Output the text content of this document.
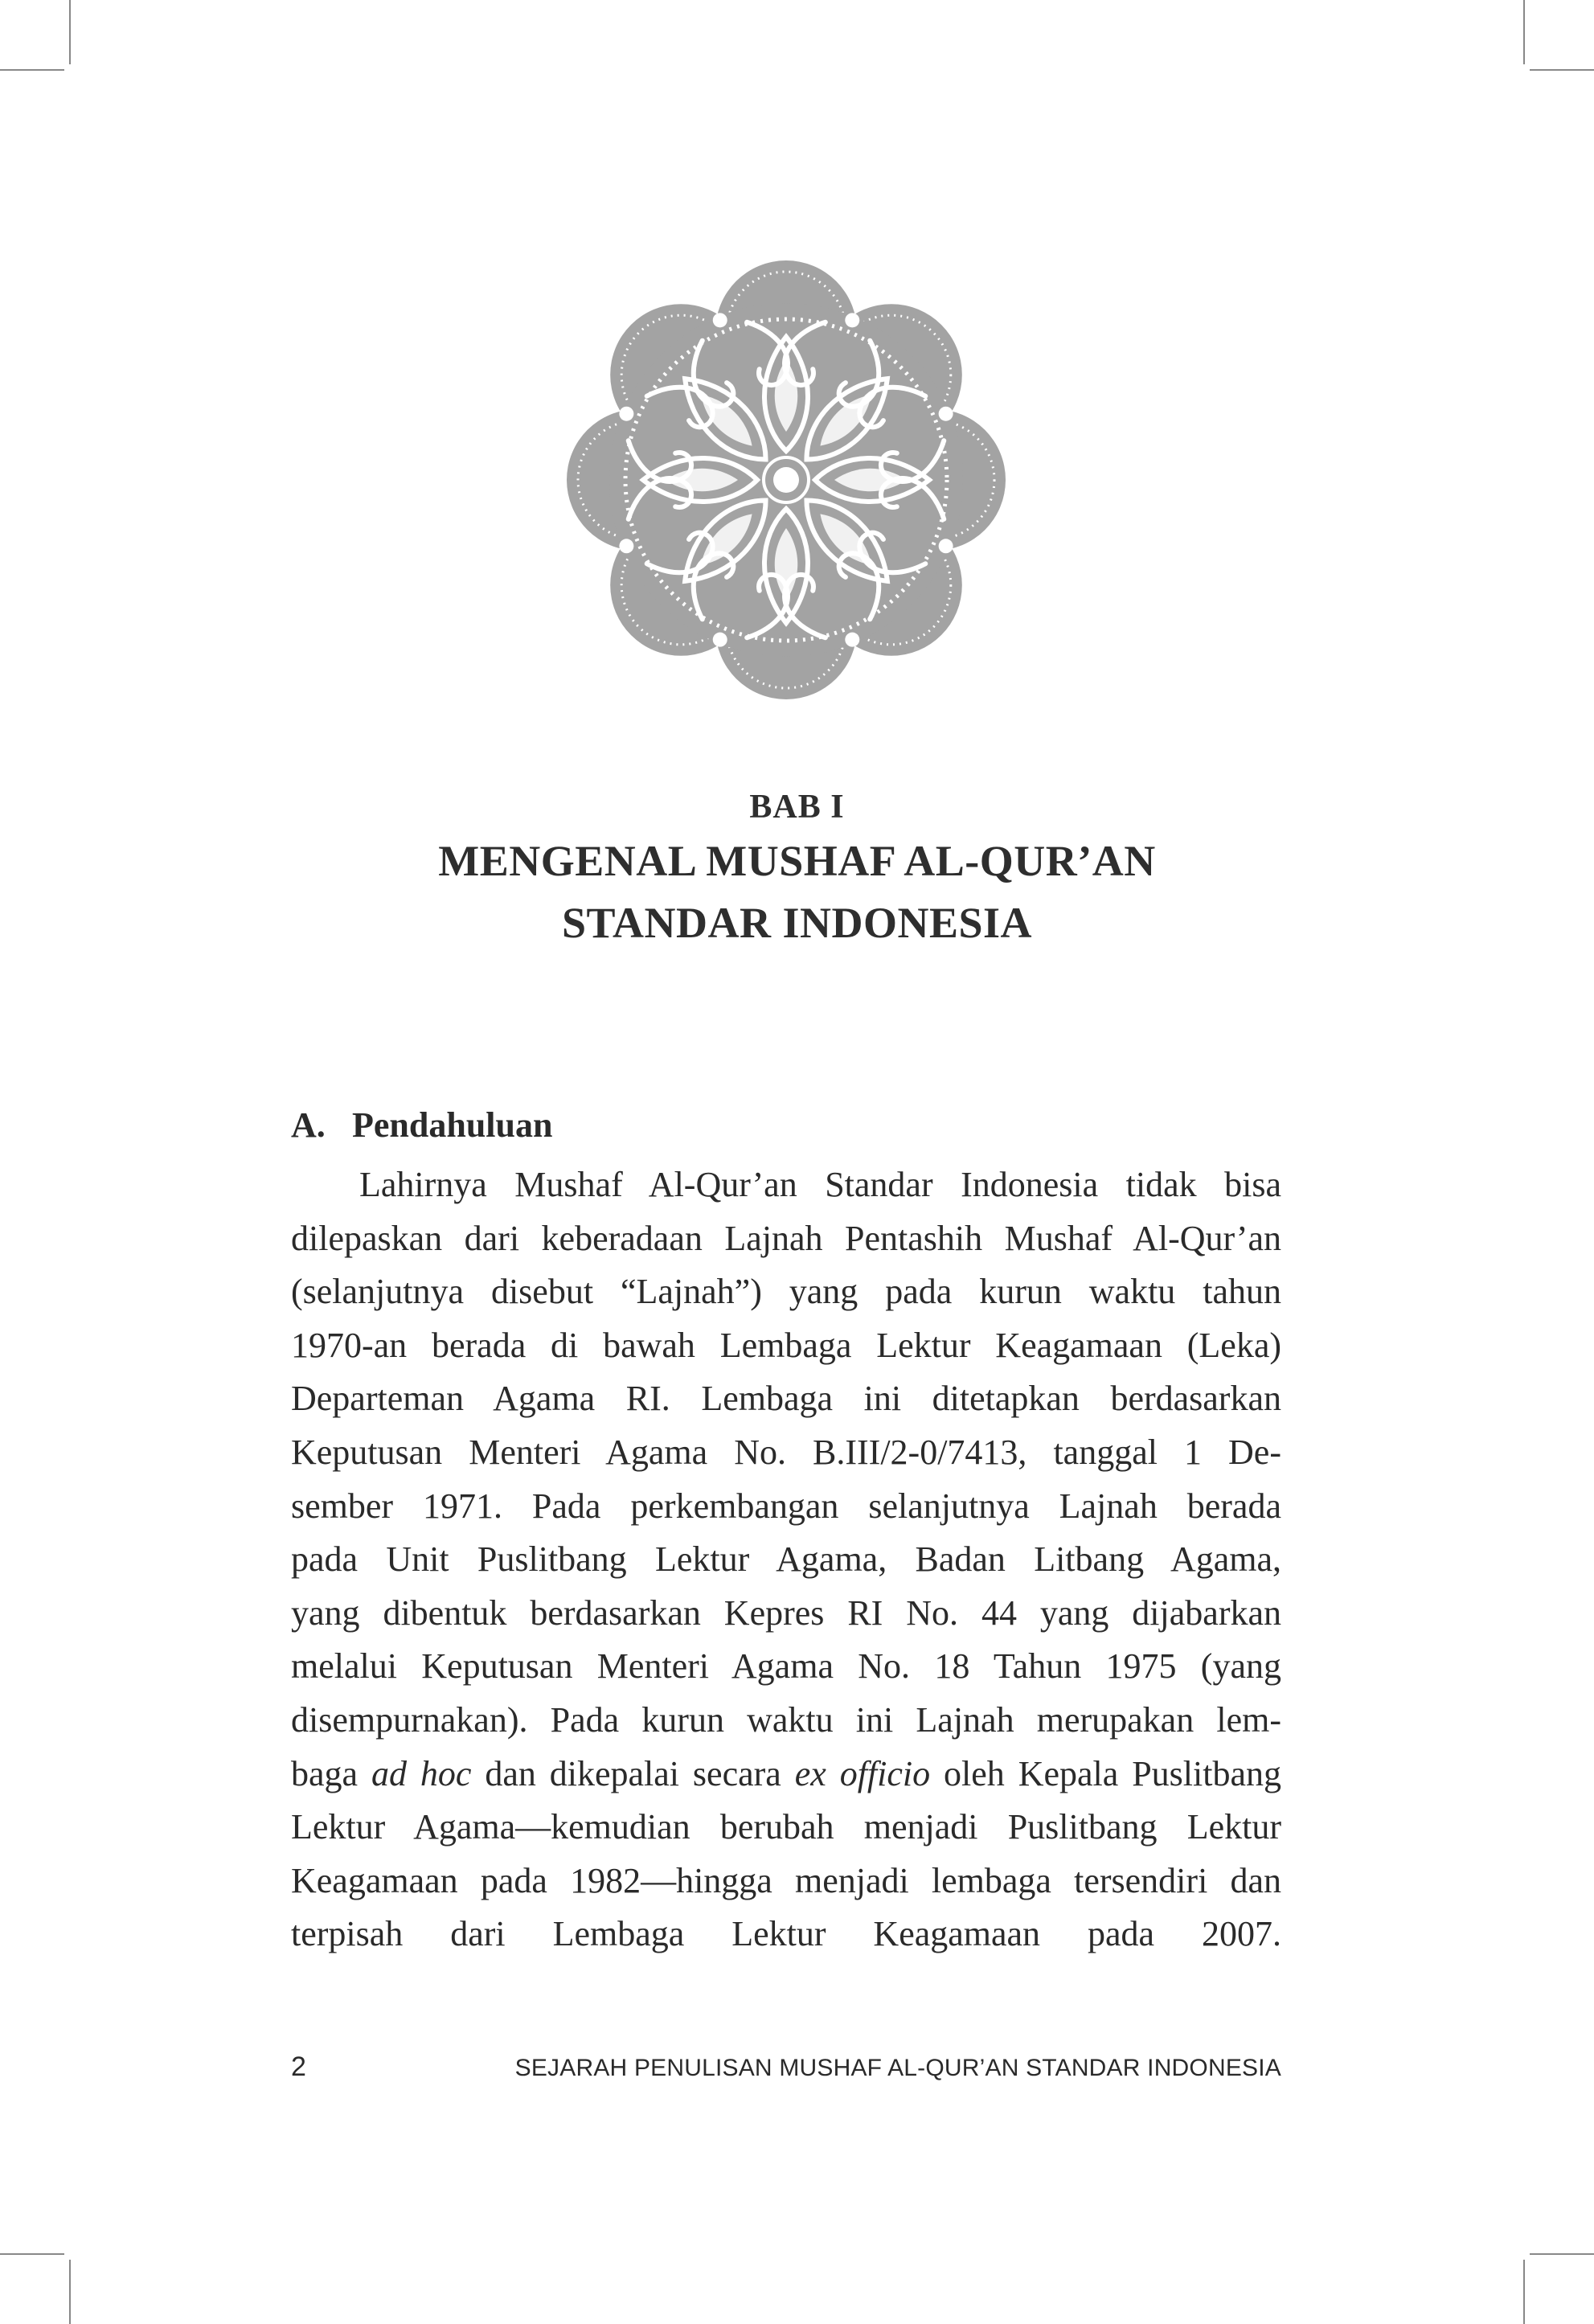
BAB I
MENGENAL MUSHAF AL-QUR’AN
STANDAR INDONESIA
A. Pendahuluan
Lahirnya Mushaf Al-Qur’an Standar Indonesia tidak bisa
dilepaskan dari keberadaan Lajnah Pentashih Mushaf Al-Qur’an
(selanjutnya disebut “Lajnah”) yang pada kurun waktu tahun
1970-an berada di bawah Lembaga Lektur Keagamaan (Leka)
Departeman Agama RI. Lembaga ini ditetapkan berdasarkan
Keputusan Menteri Agama No. B.III/2-0/7413, tanggal 1 De-
sember 1971. Pada perkembangan selanjutnya Lajnah berada
pada Unit Puslitbang Lektur Agama, Badan Litbang Agama,
yang dibentuk berdasarkan Kepres RI No. 44 yang dijabarkan
melalui Keputusan Menteri Agama No. 18 Tahun 1975 (yang
disempurnakan). Pada kurun waktu ini Lajnah merupakan lem-
baga ad hoc dan dikepalai secara ex officio oleh Kepala Puslitbang
Lektur Agama—kemudian berubah menjadi Puslitbang Lektur
Keagamaan pada 1982—hingga menjadi lembaga tersendiri dan
terpisah dari Lembaga Lektur Keagamaan pada 2007.
2	SEJARAH PENULISAN MUSHAF AL-QUR’AN STANDAR INDONESIA
